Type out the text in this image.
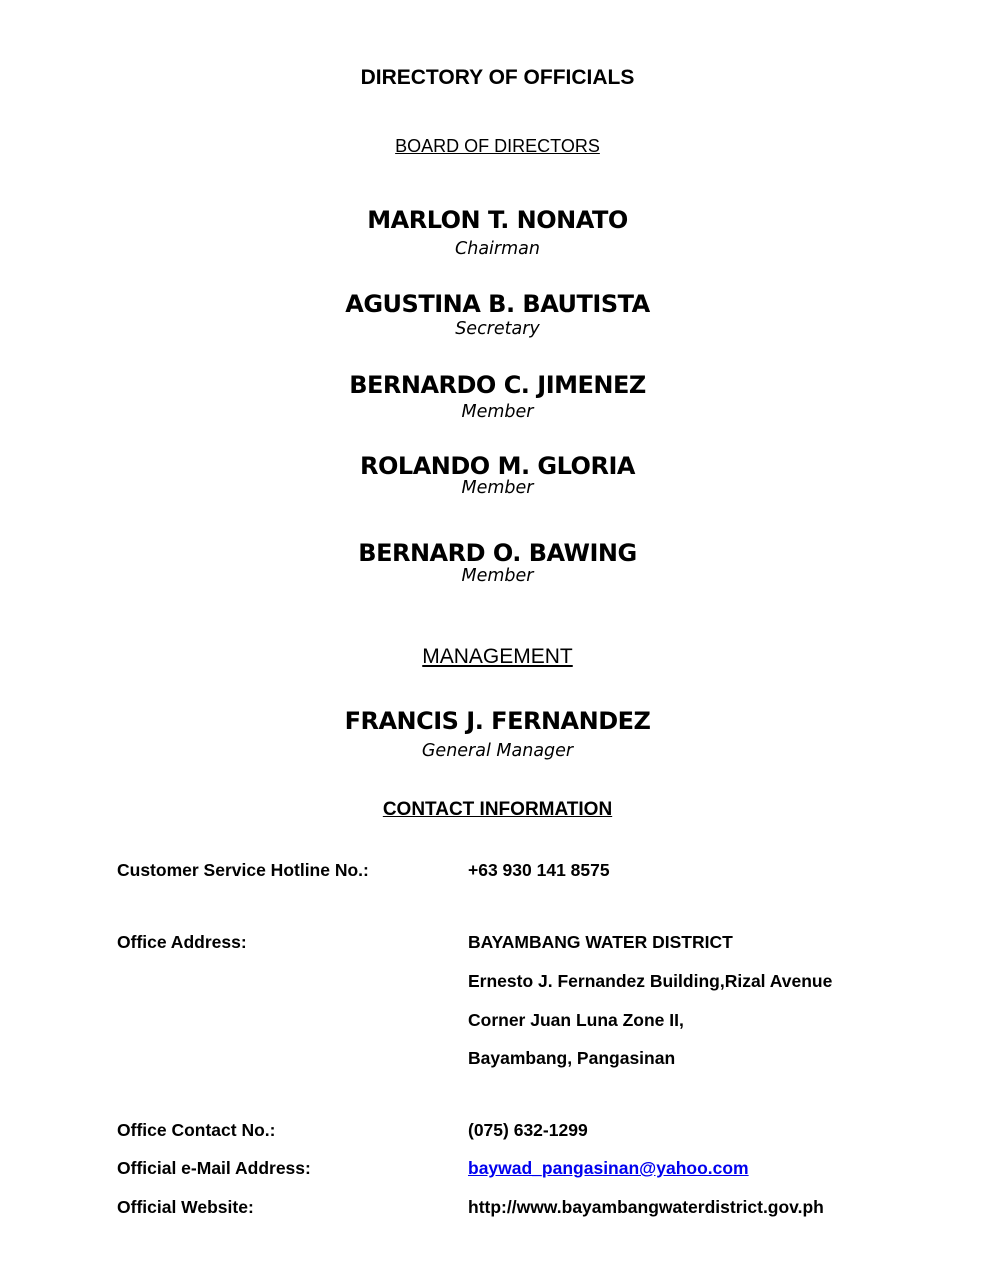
DIRECTORY OF OFFICIALS
BOARD OF DIRECTORS
MARLON T. NONATO
Chairman
AGUSTINA B. BAUTISTA
Secretary
BERNARDO C. JIMENEZ
Member
ROLANDO M. GLORIA
Member
BERNARD O. BAWING
Member
MANAGEMENT
FRANCIS J. FERNANDEZ
General Manager
CONTACT INFORMATION
Customer Service Hotline No.:	+63 930 141 8575
Office Address:	BAYAMBANG WATER DISTRICT
Ernesto J. Fernandez Building,Rizal Avenue
Corner Juan Luna Zone II,
Bayambang, Pangasinan
Office Contact No.:	(075) 632-1299
Official e-Mail Address:	baywad_pangasinan@yahoo.com
Official Website:	http://www.bayambangwaterdistrict.gov.ph
